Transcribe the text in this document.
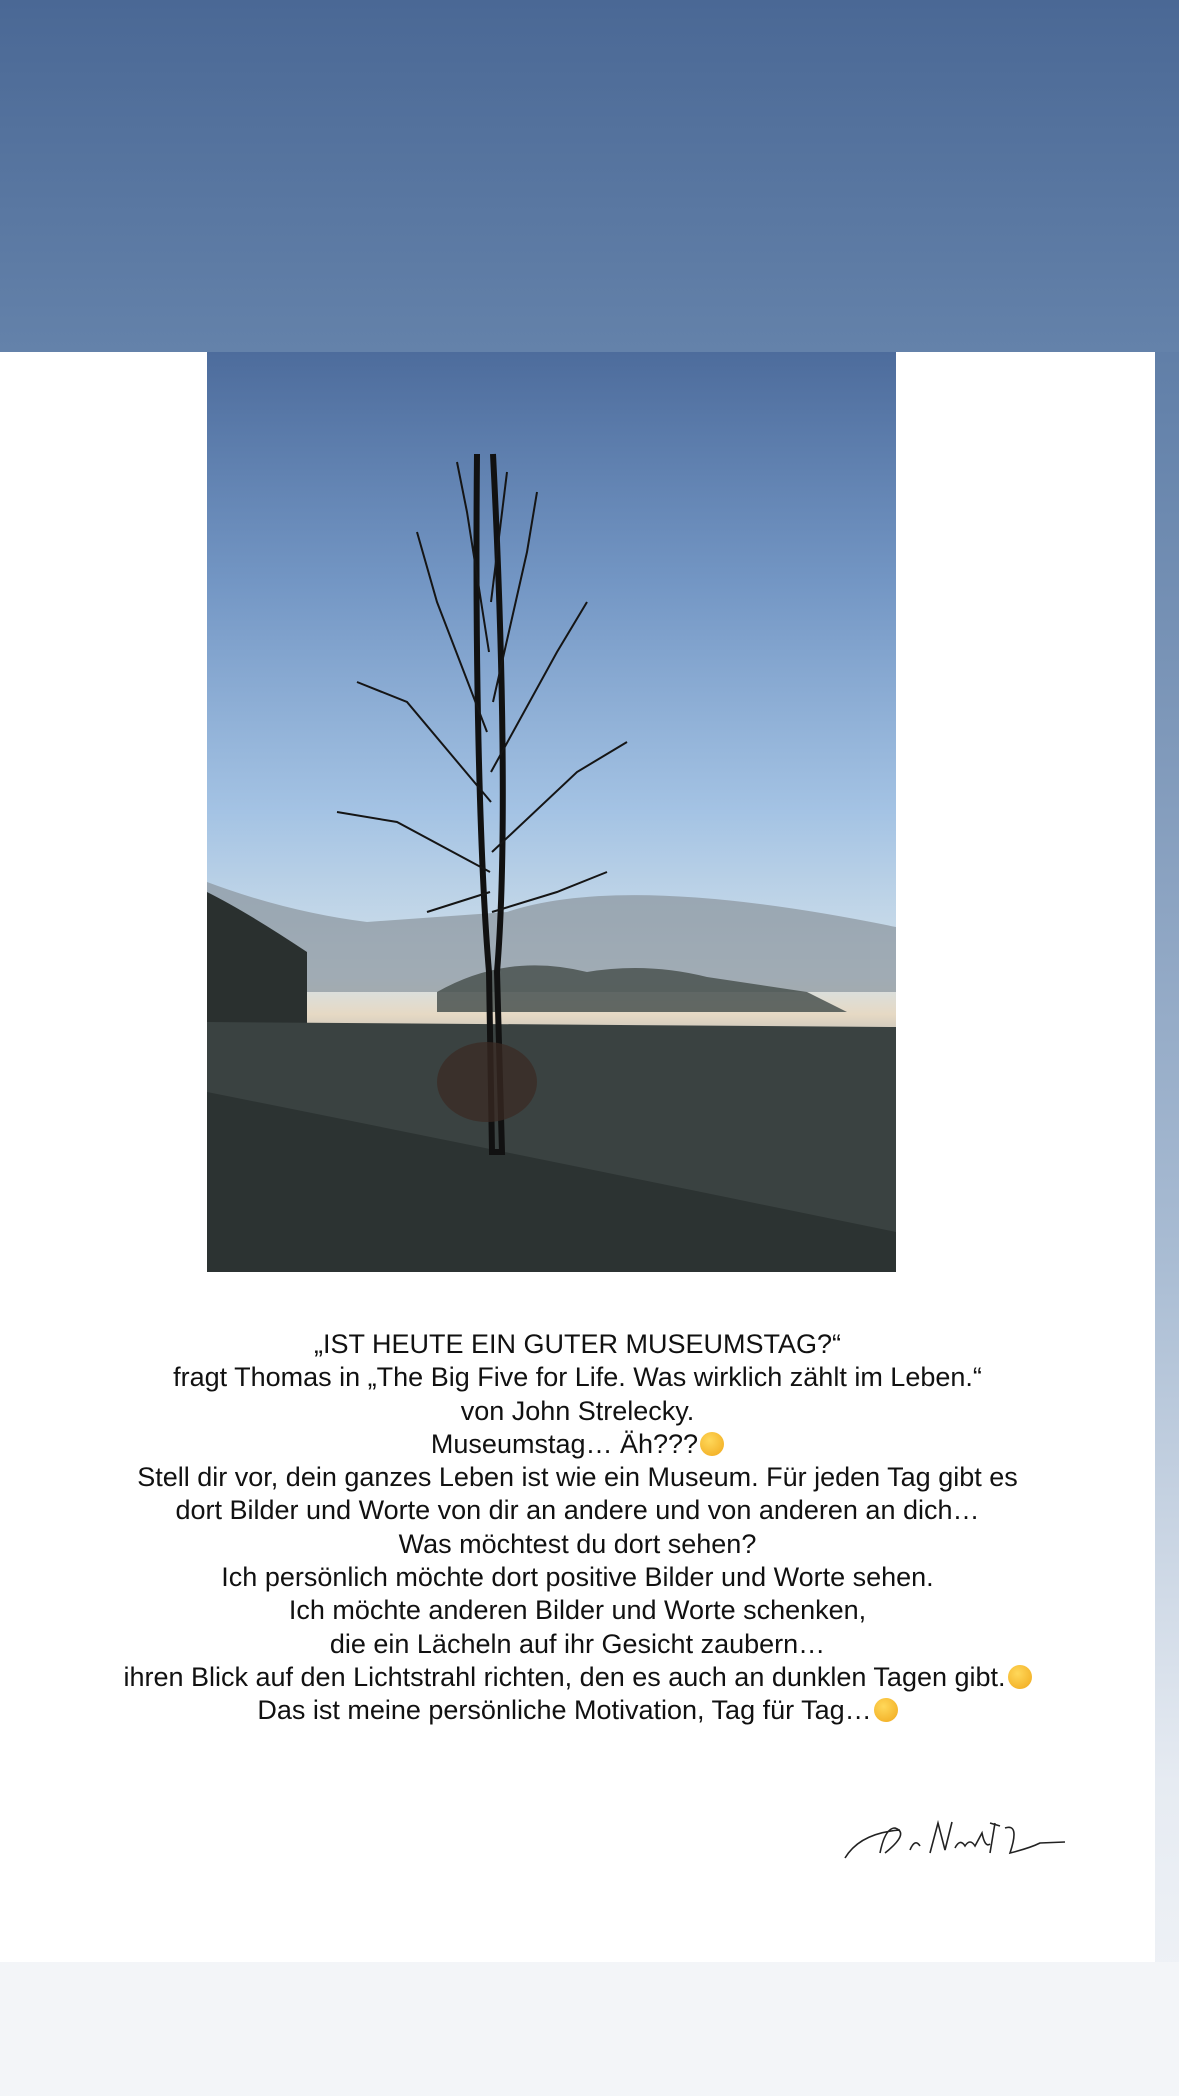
„IST HEUTE EIN GUTER MUSEUMSTAG?“
fragt Thomas in „The Big Five for Life. Was wirklich zählt im Leben.“
von John Strelecky.
Museumstag… Äh???
Stell dir vor, dein ganzes Leben ist wie ein Museum. Für jeden Tag gibt es
dort Bilder und Worte von dir an andere und von anderen an dich…
Was möchtest du dort sehen?
Ich persönlich möchte dort positive Bilder und Worte sehen.
Ich möchte anderen Bilder und Worte schenken,
die ein Lächeln auf ihr Gesicht zaubern…
ihren Blick auf den Lichtstrahl richten, den es auch an dunklen Tagen gibt.
Das ist meine persönliche Motivation, Tag für Tag…
